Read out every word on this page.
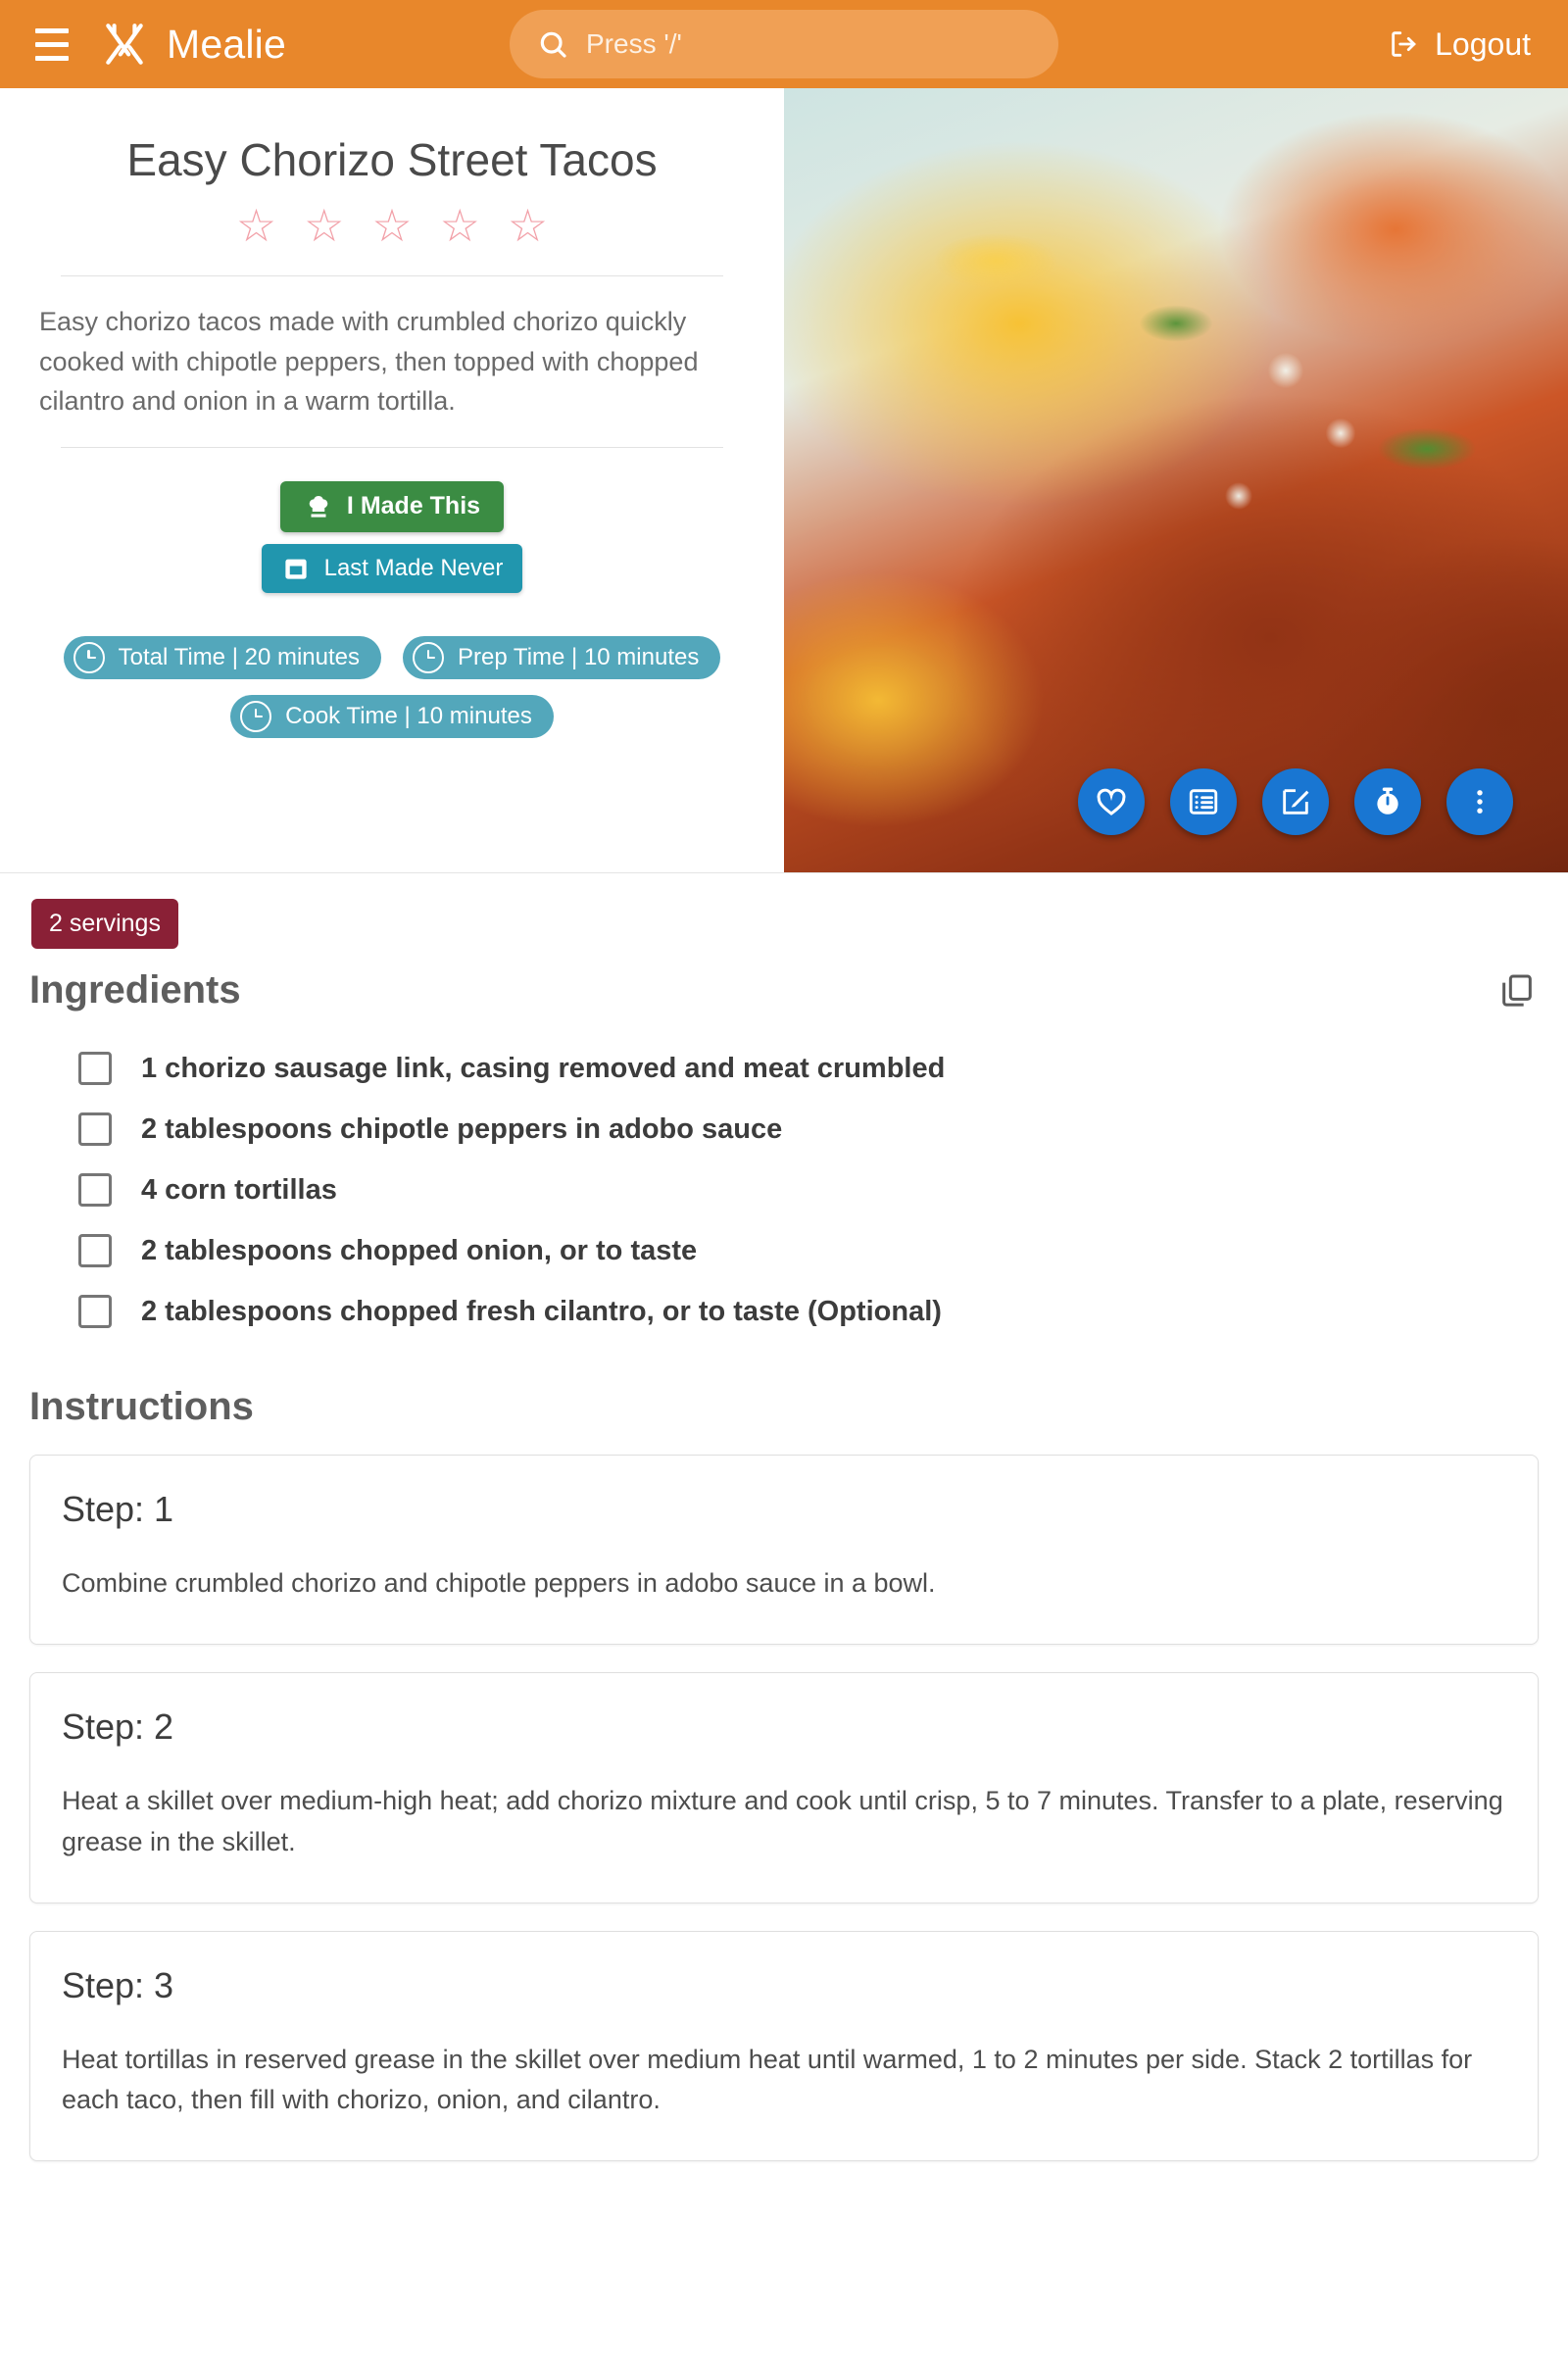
Mealie	Press '/'	Logout
Easy Chorizo Street Tacos
☆ ☆ ☆ ☆ ☆
Easy chorizo tacos made with crumbled chorizo quickly cooked with chipotle peppers, then topped with chopped cilantro and onion in a warm tortilla.
I Made This
Last Made Never
Total Time | 20 minutes	Prep Time | 10 minutes
Cook Time | 10 minutes
2 servings
Ingredients
1 chorizo sausage link, casing removed and meat crumbled
2 tablespoons chipotle peppers in adobo sauce
4 corn tortillas
2 tablespoons chopped onion, or to taste
2 tablespoons chopped fresh cilantro, or to taste (Optional)
Instructions
Step: 1
Combine crumbled chorizo and chipotle peppers in adobo sauce in a bowl.
Step: 2
Heat a skillet over medium-high heat; add chorizo mixture and cook until crisp, 5 to 7 minutes. Transfer to a plate, reserving grease in the skillet.
Step: 3
Heat tortillas in reserved grease in the skillet over medium heat until warmed, 1 to 2 minutes per side. Stack 2 tortillas for each taco, then fill with chorizo, onion, and cilantro.
